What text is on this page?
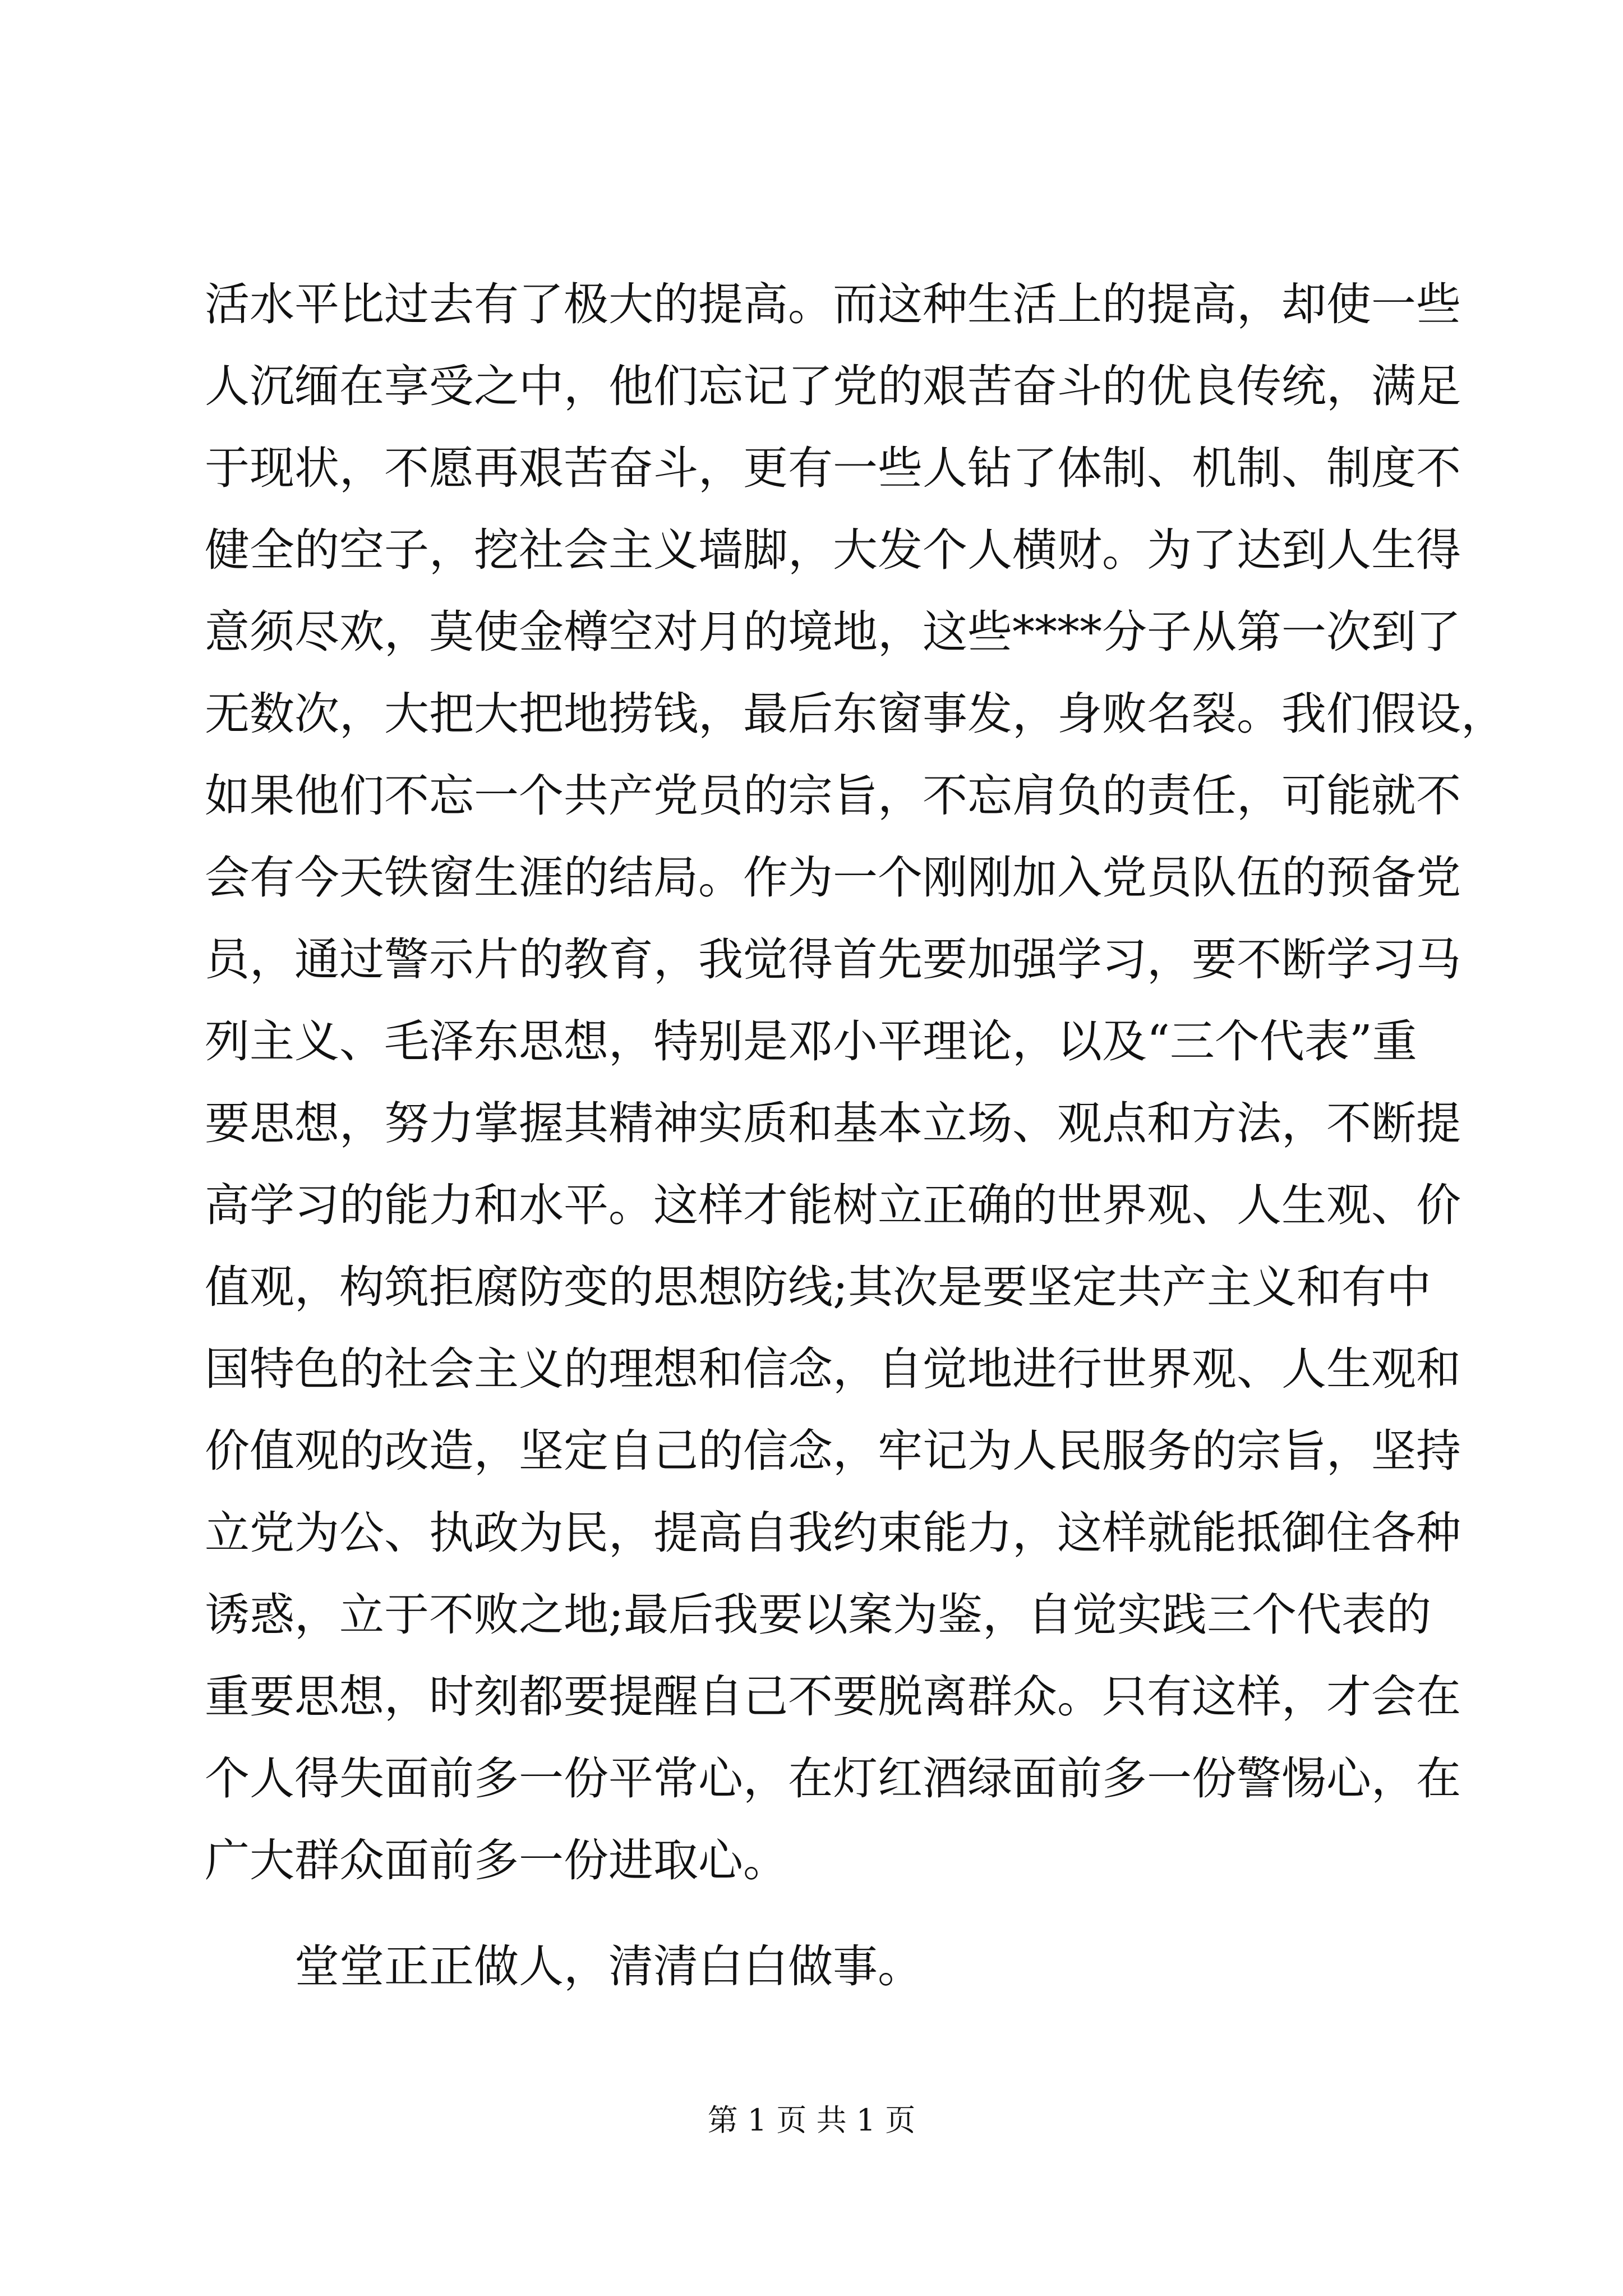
活水平比过去有了极大的提高。而这种生活上的提高，却使一些
人沉缅在享受之中，他们忘记了党的艰苦奋斗的优良传统，满足
于现状，不愿再艰苦奋斗，更有一些人钻了体制、机制、制度不
健全的空子，挖社会主义墙脚，大发个人横财。为了达到人生得
意须尽欢，莫使金樽空对月的境地，这些****分子从第一次到了
无数次，大把大把地捞钱，最后东窗事发，身败名裂。我们假设，
如果他们不忘一个共产党员的宗旨，不忘肩负的责任，可能就不
会有今天铁窗生涯的结局。作为一个刚刚加入党员队伍的预备党
员，通过警示片的教育，我觉得首先要加强学习，要不断学习马
列主义、毛泽东思想，特别是邓小平理论，以及“三个代表”重
要思想，努力掌握其精神实质和基本立场、观点和方法，不断提
高学习的能力和水平。这样才能树立正确的世界观、人生观、价
值观，构筑拒腐防变的思想防线;其次是要坚定共产主义和有中
国特色的社会主义的理想和信念，自觉地进行世界观、人生观和
价值观的改造，坚定自己的信念，牢记为人民服务的宗旨，坚持
立党为公、执政为民，提高自我约束能力，这样就能抵御住各种
诱惑，立于不败之地;最后我要以案为鉴，自觉实践三个代表的
重要思想，时刻都要提醒自己不要脱离群众。只有这样，才会在
个人得失面前多一份平常心，在灯红酒绿面前多一份警惕心，在
广大群众面前多一份进取心。
堂堂正正做人，清清白白做事。
第 1 页 共 1 页
